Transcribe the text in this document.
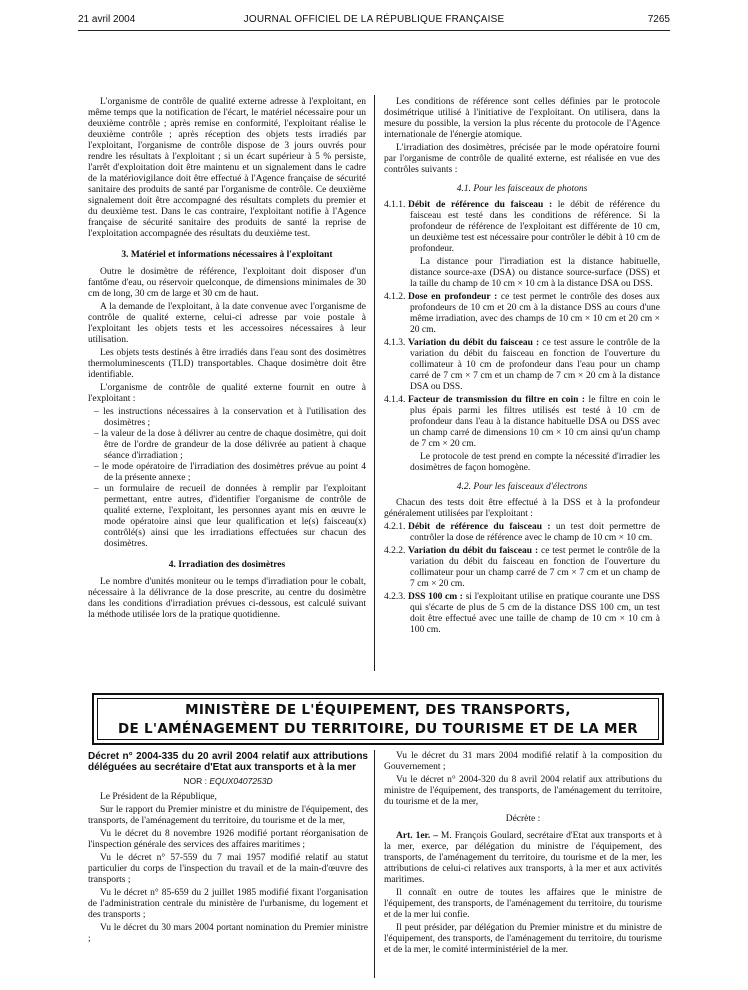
21 avril 2004	JOURNAL OFFICIEL DE LA RÉPUBLIQUE FRANÇAISE	7265

L'organisme de contrôle de qualité externe adresse à l'exploitant, en même temps que la notification de l'écart, le matériel nécessaire pour un deuxième contrôle ; après remise en conformité, l'exploitant réalise le deuxième contrôle ; après réception des objets tests irradiés par l'exploitant, l'organisme de contrôle dispose de 3 jours ouvrés pour rendre les résultats à l'exploitant ; si un écart supérieur à 5 % persiste, l'arrêt d'exploitation doit être maintenu et un signalement dans le cadre de la matériovigilance doit être effectué à l'Agence française de sécurité sanitaire des produits de santé par l'organisme de contrôle. Ce deuxième signalement doit être accompagné des résultats complets du premier et du deuxième test. Dans le cas contraire, l'exploitant notifie à l'Agence française de sécurité sanitaire des produits de santé la reprise de l'exploitation accompagnée des résultats du deuxième test.

3. Matériel et informations nécessaires à l'exploitant

Outre le dosimètre de référence, l'exploitant doit disposer d'un fantôme d'eau, ou réservoir quelconque, de dimensions minimales de 30 cm de long, 30 cm de large et 30 cm de haut.

A la demande de l'exploitant, à la date convenue avec l'organisme de contrôle de qualité externe, celui-ci adresse par voie postale à l'exploitant les objets tests et les accessoires nécessaires à leur utilisation.

Les objets tests destinés à être irradiés dans l'eau sont des dosimètres thermoluminescents (TLD) transportables. Chaque dosimètre doit être identifiable.

L'organisme de contrôle de qualité externe fournit en outre à l'exploitant :

– les instructions nécessaires à la conservation et à l'utilisation des dosimètres ;
– la valeur de la dose à délivrer au centre de chaque dosimètre, qui doit être de l'ordre de grandeur de la dose délivrée au patient à chaque séance d'irradiation ;
– le mode opératoire de l'irradiation des dosimètres prévue au point 4 de la présente annexe ;
– un formulaire de recueil de données à remplir par l'exploitant permettant, entre autres, d'identifier l'organisme de contrôle de qualité externe, l'exploitant, les personnes ayant mis en œuvre le mode opératoire ainsi que leur qualification et le(s) faisceau(x) contrôlé(s) ainsi que les irradiations effectuées sur chacun des dosimètres.
4. Irradiation des dosimètres

Le nombre d'unités moniteur ou le temps d'irradiation pour le cobalt, nécessaire à la délivrance de la dose prescrite, au centre du dosimètre dans les conditions d'irradiation prévues ci-dessous, est calculé suivant la méthode utilisée lors de la pratique quotidienne.

Les conditions de référence sont celles définies par le protocole dosimétrique utilisé à l'initiative de l'exploitant. On utilisera, dans la mesure du possible, la version la plus récente du protocole de l'Agence internationale de l'énergie atomique.

L'irradiation des dosimètres, précisée par le mode opératoire fourni par l'organisme de contrôle de qualité externe, est réalisée en vue des contrôles suivants :

4.1. Pour les faisceaux de photons
4.1.1. Débit de référence du faisceau : le débit de référence du faisceau est testé dans les conditions de référence. Si la profondeur de référence de l'exploitant est différente de 10 cm, un deuxième test est nécessaire pour contrôler le débit à 10 cm de profondeur.
La distance pour l'irradiation est la distance habituelle, distance source-axe (DSA) ou distance source-surface (DSS) et la taille du champ de 10 cm × 10 cm à la distance DSA ou DSS.
4.1.2. Dose en profondeur : ce test permet le contrôle des doses aux profondeurs de 10 cm et 20 cm à la distance DSS au cours d'une même irradiation, avec des champs de 10 cm × 10 cm et 20 cm × 20 cm.
4.1.3. Variation du débit du faisceau : ce test assure le contrôle de la variation du débit du faisceau en fonction de l'ouverture du collimateur à 10 cm de profondeur dans l'eau pour un champ carré de 7 cm × 7 cm et un champ de 7 cm × 20 cm à la distance DSA ou DSS.
4.1.4. Facteur de transmission du filtre en coin : le filtre en coin le plus épais parmi les filtres utilisés est testé à 10 cm de profondeur dans l'eau à la distance habituelle DSA ou DSS avec un champ carré de dimensions 10 cm × 10 cm ainsi qu'un champ de 7 cm × 20 cm.
Le protocole de test prend en compte la nécessité d'irradier les dosimètres de façon homogène.
4.2. Pour les faisceaux d'électrons

Chacun des tests doit être effectué à la DSS et à la profondeur généralement utilisées par l'exploitant :

4.2.1. Débit de référence du faisceau : un test doit permettre de contrôler la dose de référence avec le champ de 10 cm × 10 cm.
4.2.2. Variation du débit du faisceau : ce test permet le contrôle de la variation du débit du faisceau en fonction de l'ouverture du collimateur pour un champ carré de 7 cm × 7 cm et un champ de 7 cm × 20 cm.
4.2.3. DSS 100 cm : si l'exploitant utilise en pratique courante une DSS qui s'écarte de plus de 5 cm de la distance DSS 100 cm, un test doit être effectué avec une taille de champ de 10 cm × 10 cm à 100 cm.
MINISTÈRE DE L'ÉQUIPEMENT, DES TRANSPORTS,
DE L'AMÉNAGEMENT DU TERRITOIRE, DU TOURISME ET DE LA MER
Décret n° 2004-335 du 20 avril 2004 relatif aux attributions déléguées au secrétaire d'Etat aux transports et à la mer
NOR : EQUX0407253D

Le Président de la République,

Sur le rapport du Premier ministre et du ministre de l'équipement, des transports, de l'aménagement du territoire, du tourisme et de la mer,

Vu le décret du 8 novembre 1926 modifié portant réorganisation de l'inspection générale des services des affaires maritimes ;

Vu le décret n° 57-559 du 7 mai 1957 modifié relatif au statut particulier du corps de l'inspection du travail et de la main-d'œuvre des transports ;

Vu le décret n° 85-659 du 2 juillet 1985 modifié fixant l'organisation de l'administration centrale du ministère de l'urbanisme, du logement et des transports ;

Vu le décret du 30 mars 2004 portant nomination du Premier ministre ;

Vu le décret du 31 mars 2004 modifié relatif à la composition du Gouvernement ;

Vu le décret n° 2004-320 du 8 avril 2004 relatif aux attributions du ministre de l'équipement, des transports, de l'aménagement du territoire, du tourisme et de la mer,

Décrète :

Art. 1er. – M. François Goulard, secrétaire d'Etat aux transports et à la mer, exerce, par délégation du ministre de l'équipement, des transports, de l'aménagement du territoire, du tourisme et de la mer, les attributions de celui-ci relatives aux transports, à la mer et aux activités maritimes.

Il connaît en outre de toutes les affaires que le ministre de l'équipement, des transports, de l'aménagement du territoire, du tourisme et de la mer lui confie.

Il peut présider, par délégation du Premier ministre et du ministre de l'équipement, des transports, de l'aménagement du territoire, du tourisme et de la mer, le comité interministériel de la mer.
